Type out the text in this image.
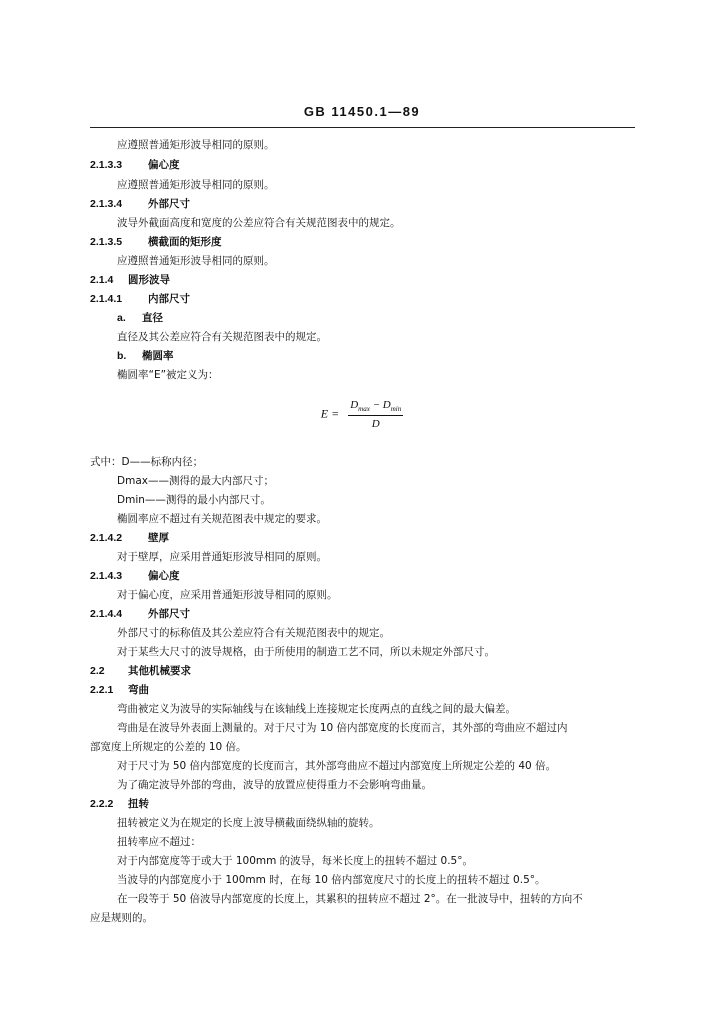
GB 11450.1—89
应遵照普通矩形波导相同的原则。
2.1.3.3 偏心度
应遵照普通矩形波导相同的原则。
2.1.3.4 外部尺寸
波导外截面高度和宽度的公差应符合有关规范图表中的规定。
2.1.3.5 横截面的矩形度
应遵照普通矩形波导相同的原则。
2.1.4 圆形波导
2.1.4.1 内部尺寸
a. 直径
直径及其公差应符合有关规范图表中的规定。
b. 椭圆率
椭圆率“E”被定义为：
$E = \frac{D_{max} - D_{min}}{D}$
式中：D——标称内径；
Dmax——测得的最大内部尺寸；
Dmin——测得的最小内部尺寸。
椭圆率应不超过有关规范图表中规定的要求。
2.1.4.2 壁厚
对于壁厚，应采用普通矩形波导相同的原则。
2.1.4.3 偏心度
对于偏心度，应采用普通矩形波导相同的原则。
2.1.4.4 外部尺寸
外部尺寸的标称值及其公差应符合有关规范图表中的规定。
对于某些大尺寸的波导规格，由于所使用的制造工艺不同，所以未规定外部尺寸。
2.2 其他机械要求
2.2.1 弯曲
弯曲被定义为波导的实际轴线与在该轴线上连接规定长度两点的直线之间的最大偏差。
弯曲是在波导外表面上测量的。对于尺寸为 10 倍内部宽度的长度而言，其外部的弯曲应不超过内
部宽度上所规定的公差的 10 倍。
对于尺寸为 50 倍内部宽度的长度而言，其外部弯曲应不超过内部宽度上所规定公差的 40 倍。
为了确定波导外部的弯曲，波导的放置应使得重力不会影响弯曲量。
2.2.2 扭转
扭转被定义为在规定的长度上波导横截面绕纵轴的旋转。
扭转率应不超过：
对于内部宽度等于或大于 100mm 的波导，每米长度上的扭转不超过 0.5°。
当波导的内部宽度小于 100mm 时，在每 10 倍内部宽度尺寸的长度上的扭转不超过 0.5°。
在一段等于 50 倍波导内部宽度的长度上，其累积的扭转应不超过 2°。在一批波导中，扭转的方向不
应是规则的。
